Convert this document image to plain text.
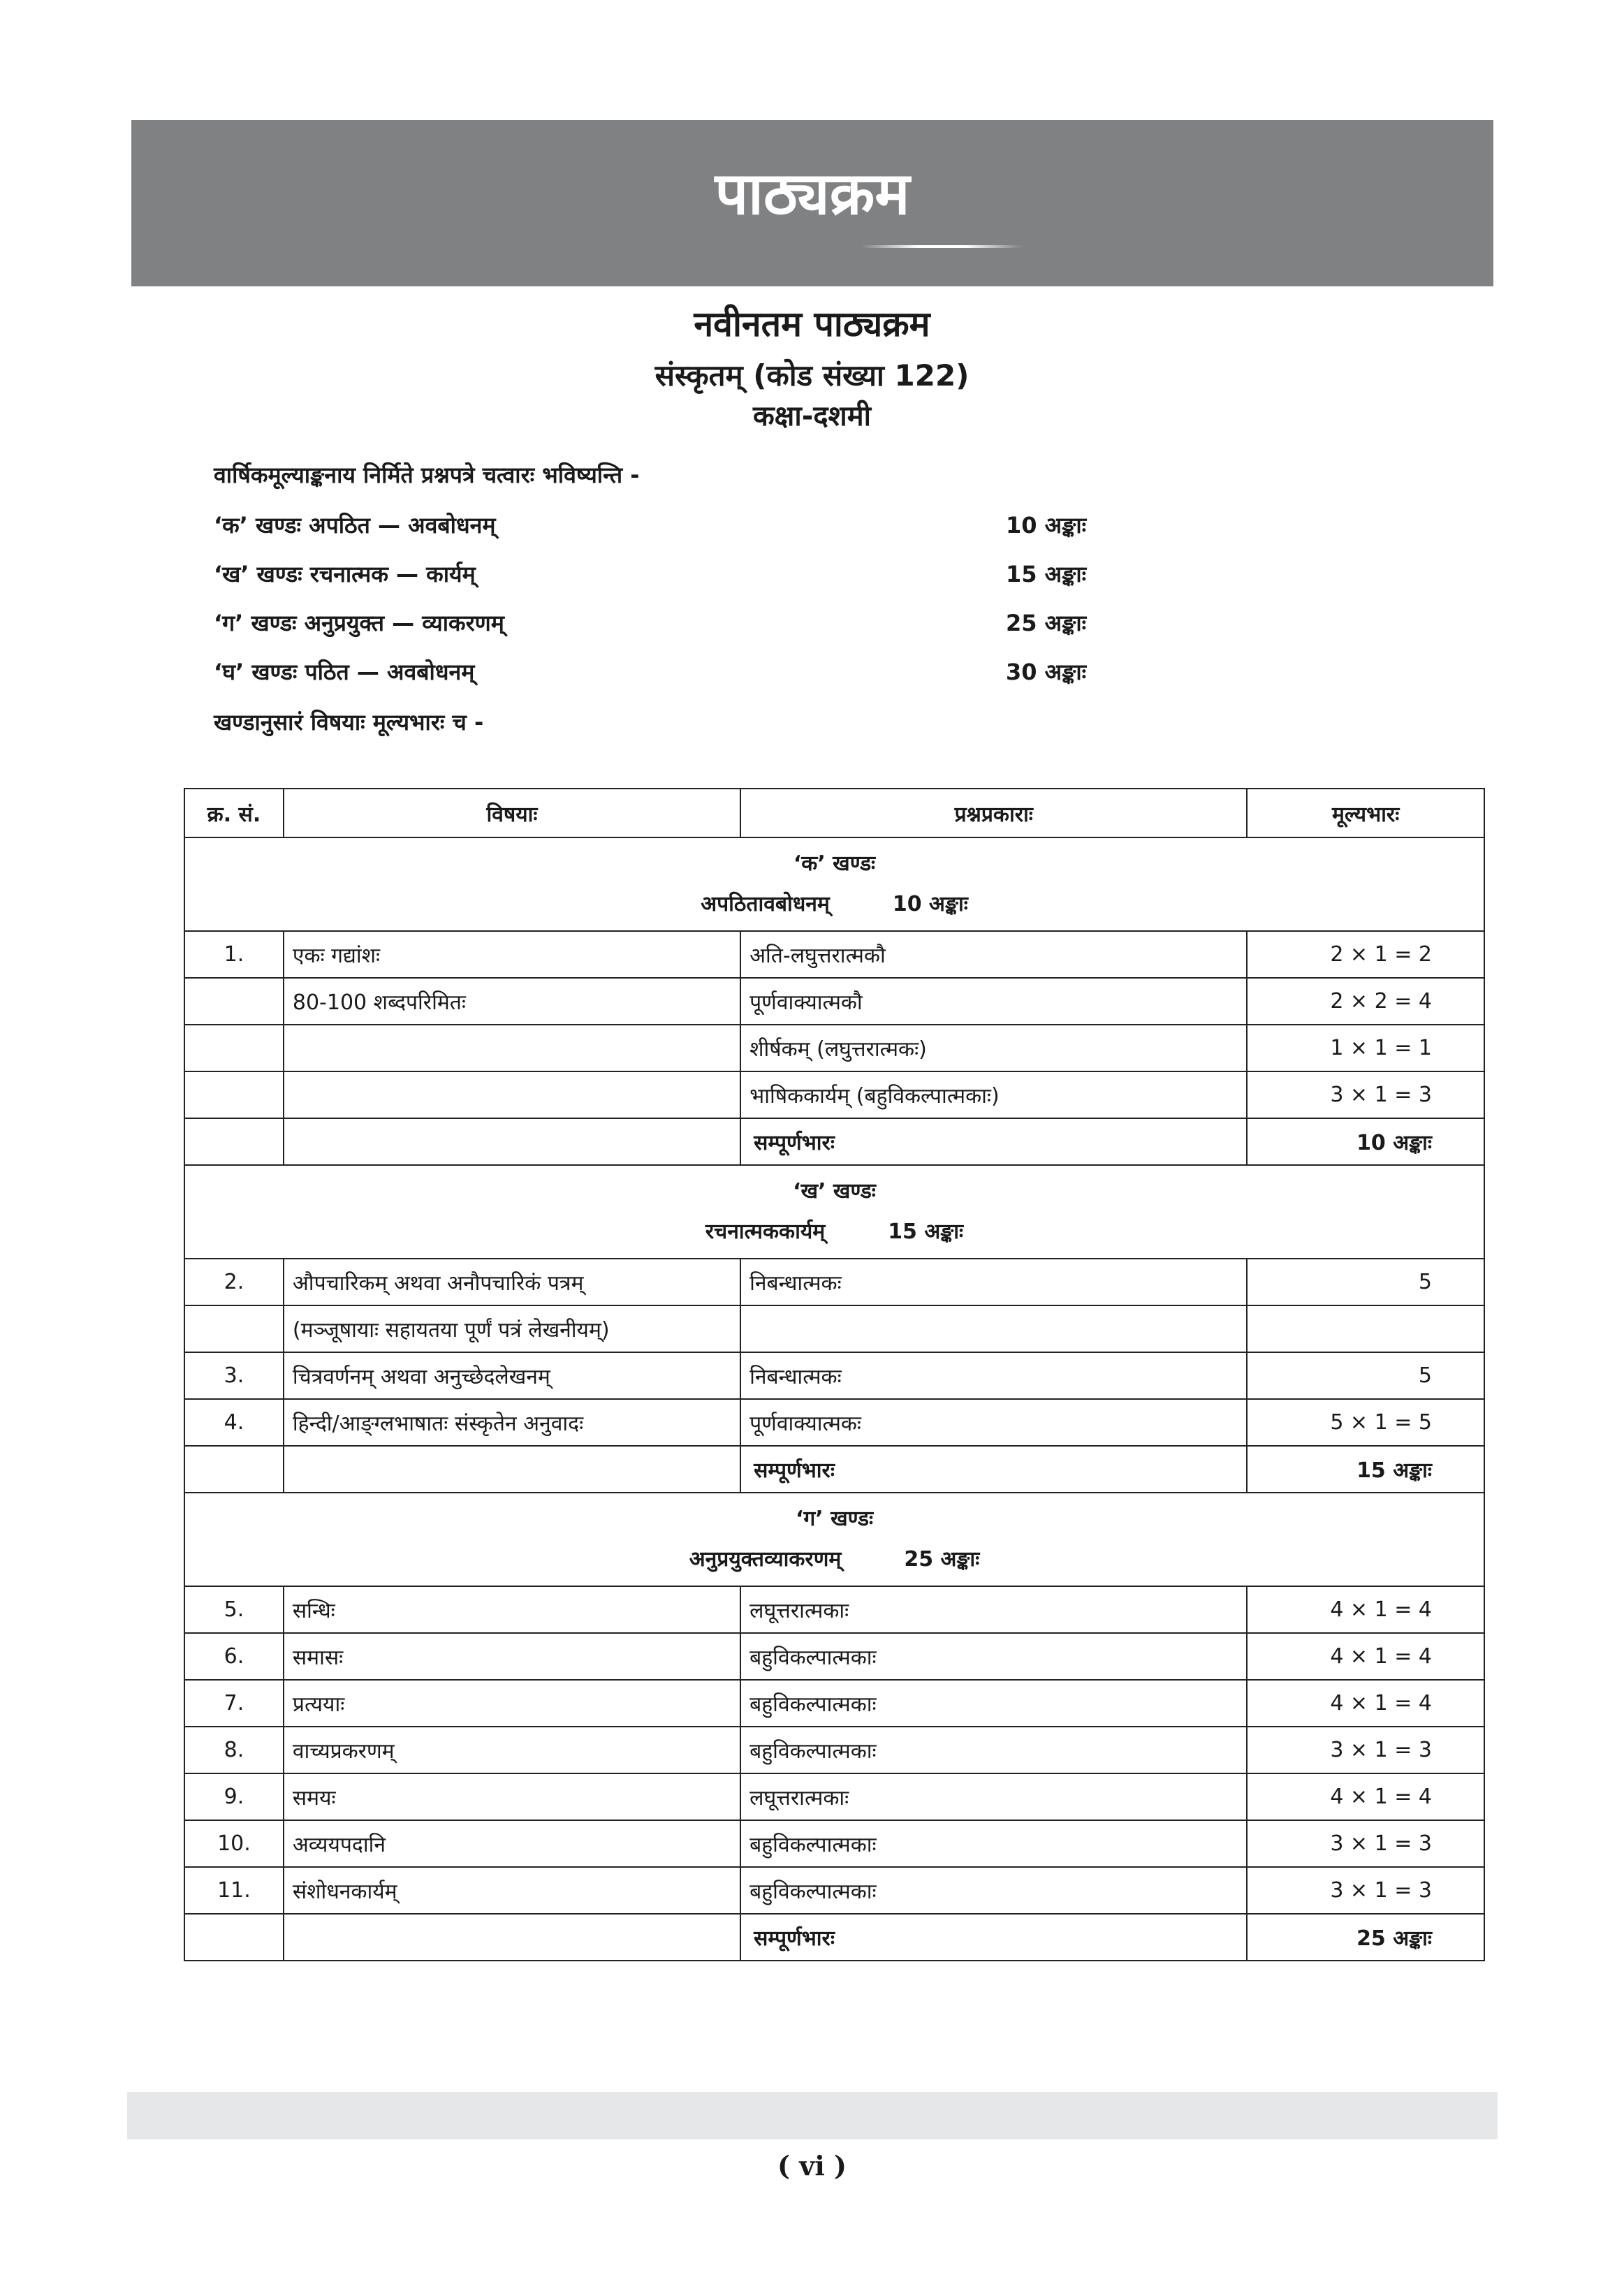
पाठ्यक्रम
नवीनतम पाठ्यक्रम
संस्कृतम् (कोड संख्या 122)
कक्षा-दशमी
वार्षिकमूल्याङ्कनाय निर्मिते प्रश्नपत्रे चत्वारः भविष्यन्ति -
‘क’ खण्डः अपठित — अवबोधनम्	10 अङ्काः
‘ख’ खण्डः रचनात्मक — कार्यम्	15 अङ्काः
‘ग’ खण्डः अनुप्रयुक्त — व्याकरणम्	25 अङ्काः
‘घ’ खण्डः पठित — अवबोधनम्	30 अङ्काः
खण्डानुसारं विषयाः मूल्यभारः च -
क्र. सं.	विषयाः	प्रश्नप्रकाराः	मूल्यभारः

‘क’ खण्डः
अपठितावबोधनम् 10 अङ्काः			

1.	एकः गद्यांशः	अति-लघुत्तरात्मकौ	2 × 1 = 2
	80-100 शब्दपरिमितः	पूर्णवाक्यात्मकौ	2 × 2 = 4
		शीर्षकम् (लघुत्तरात्मकः)	1 × 1 = 1
		भाषिककार्यम् (बहुविकल्पात्मकाः)	3 × 1 = 3
		सम्पूर्णभारः	10 अङ्काः

‘ख’ खण्डः
रचनात्मककार्यम् 15 अङ्काः			

2.	औपचारिकम् अथवा अनौपचारिकं पत्रम्	निबन्धात्मकः	5
	(मञ्जूषायाः सहायतया पूर्णं पत्रं लेखनीयम्)		
3.	चित्रवर्णनम् अथवा अनुच्छेदलेखनम्	निबन्धात्मकः	5
4.	हिन्दी/आङ्ग्लभाषातः संस्कृतेन अनुवादः	पूर्णवाक्यात्मकः	5 × 1 = 5
		सम्पूर्णभारः	15 अङ्काः

‘ग’ खण्डः
अनुप्रयुक्तव्याकरणम् 25 अङ्काः			

5.	सन्धिः	लघूत्तरात्मकाः	4 × 1 = 4
6.	समासः	बहुविकल्पात्मकाः	4 × 1 = 4
7.	प्रत्ययाः	बहुविकल्पात्मकाः	4 × 1 = 4
8.	वाच्यप्रकरणम्	बहुविकल्पात्मकाः	3 × 1 = 3
9.	समयः	लघूत्तरात्मकाः	4 × 1 = 4
10.	अव्ययपदानि	बहुविकल्पात्मकाः	3 × 1 = 3
11.	संशोधनकार्यम्	बहुविकल्पात्मकाः	3 × 1 = 3
		सम्पूर्णभारः	25 अङ्काः
( vi )
